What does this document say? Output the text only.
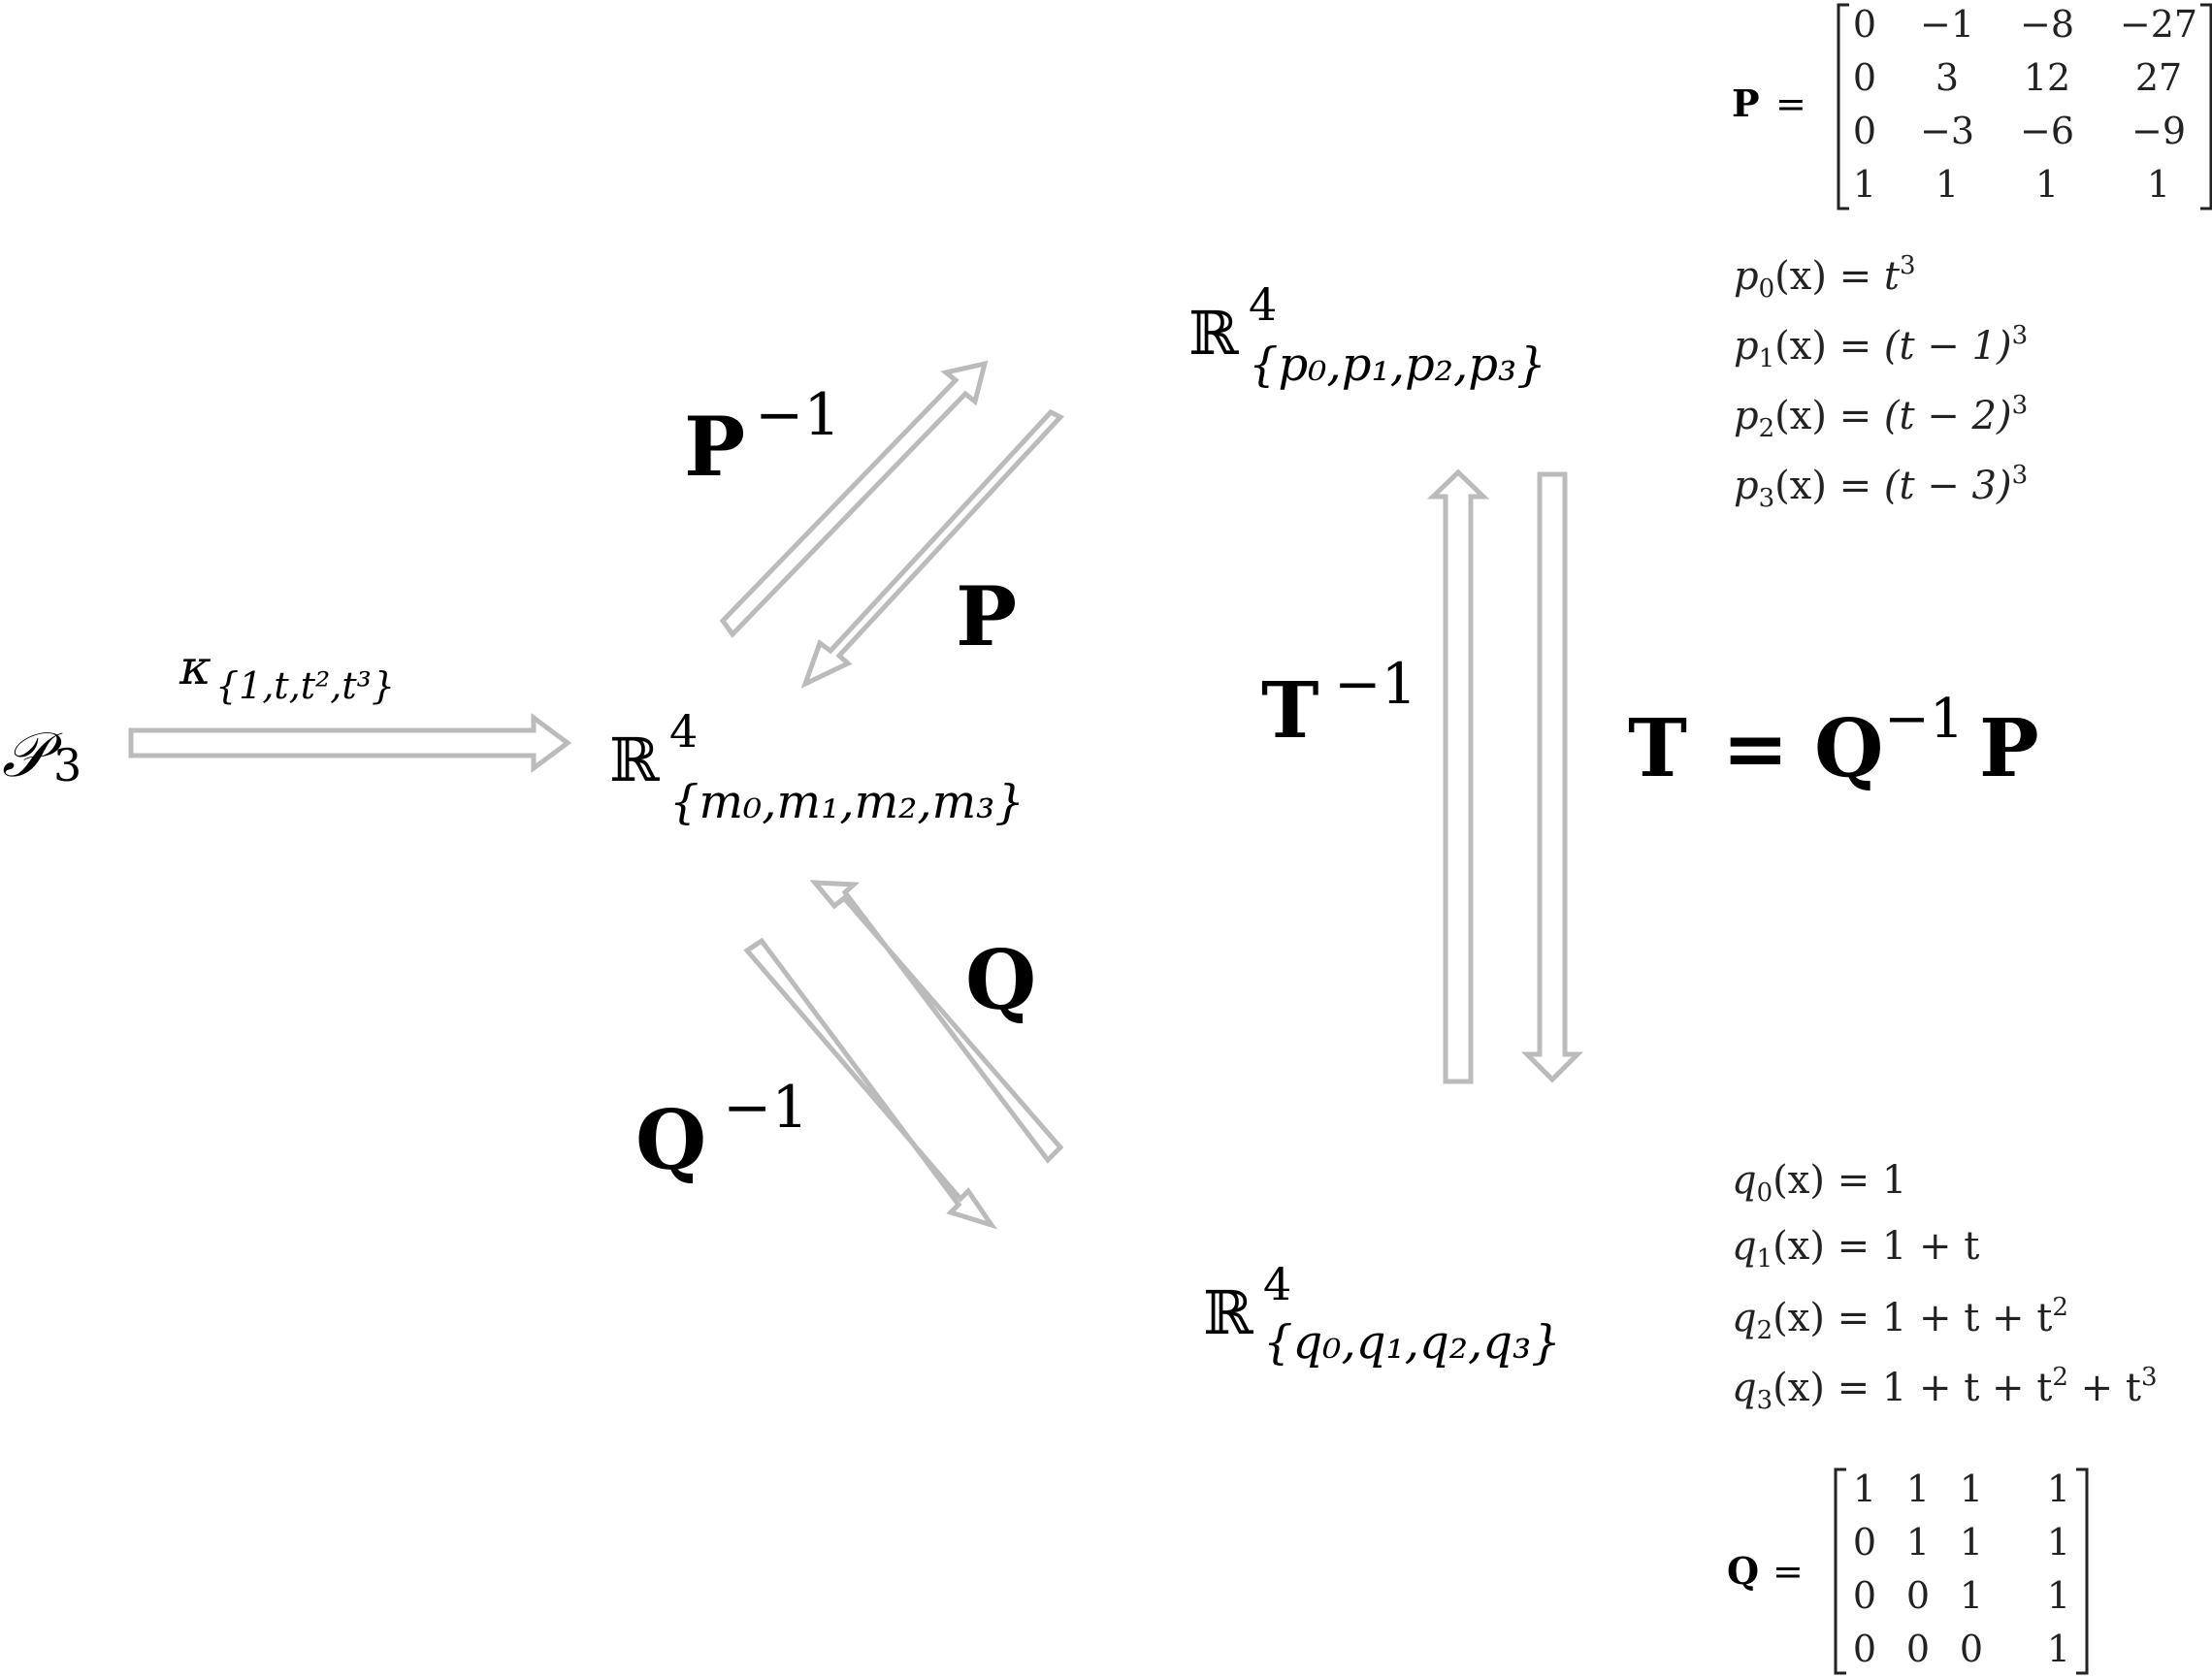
𝒫 3	ℝ 4
{m₀,m₁,m₂,m₃}
ℝ 4
{p₀,p₁,p₂,p₃}
ℝ 4
{q₀,q₁,q₂,q₃}
κ {1,t,t²,t³}
P −1
P
Q
Q −1
T −1
T = Q −1 P
P =
0 −1 −8 −27
0 3 12 27
0 −3 −6 −9
1 1 1 1
Q =
1 1 1 1
0 1 1 1
0 0 1 1
0 0 0 1
$p_0(x) = t^3$
$p_1(x) = (t - 1)^3$
$p_2(x) = (t - 2)^3$
$p_3(x) = (t - 3)^3$
$q_0(x) = 1$
$q_1(x) = 1 + t$
$q_2(x) = 1 + t + t^2$
$q_3(x) = 1 + t + t^2 + t^3$
